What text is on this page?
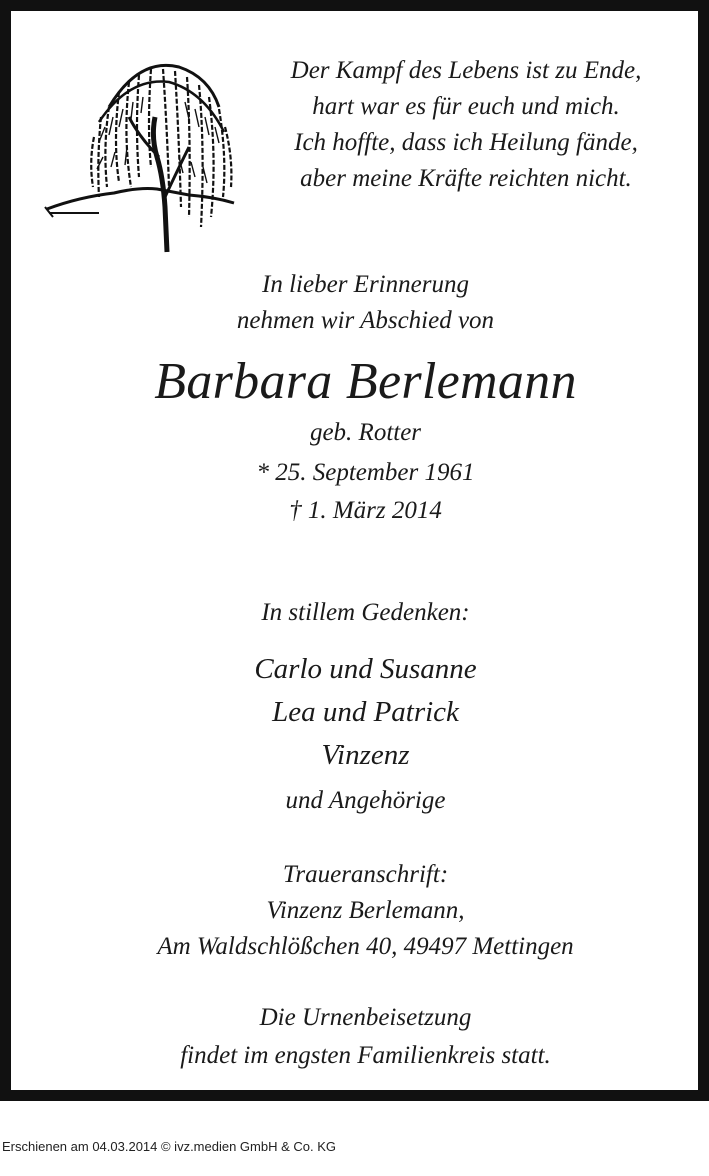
Der Kampf des Lebens ist zu Ende,
hart war es für euch und mich.
Ich hoffte, dass ich Heilung fände,
aber meine Kräfte reichten nicht.
In lieber Erinnerung
nehmen wir Abschied von
Barbara Berlemann
geb. Rotter
* 25. September 1961
† 1. März 2014
In stillem Gedenken:
Carlo und Susanne
Lea und Patrick
Vinzenz
und Angehörige
Traueranschrift:
Vinzenz Berlemann,
Am Waldschlößchen 40, 49497 Mettingen
Die Urnenbeisetzung
findet im engsten Familienkreis statt.
Erschienen am 04.03.2014 © ivz.medien GmbH & Co. KG
